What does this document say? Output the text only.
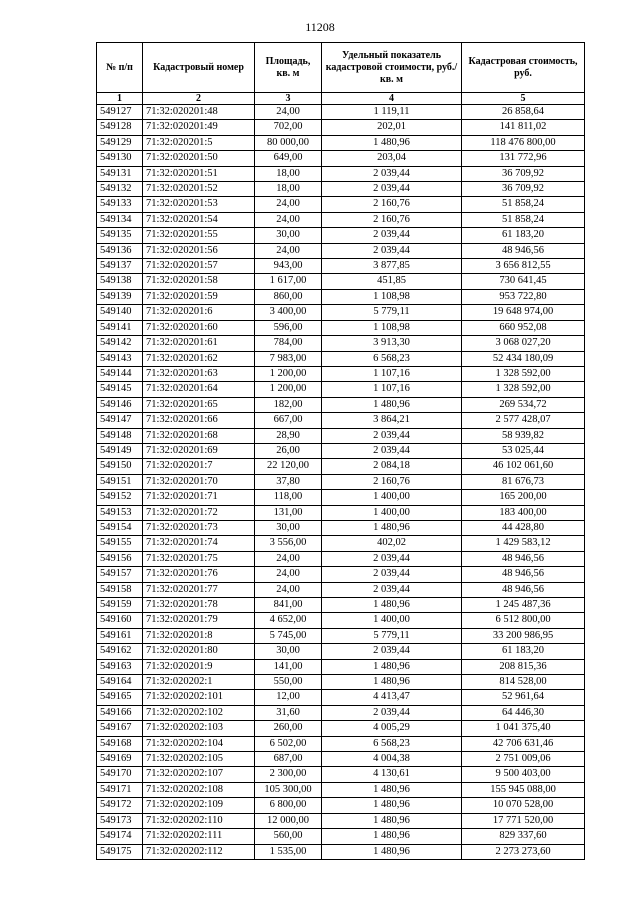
11208
№ п/п	Кадастровый номер	Площадь, кв. м	Удельный показатель кадастровой стоимости, руб./кв. м	Кадастровая стоимость, руб.
1	2	3	4	5
549127	71:32:020201:48	24,00	1 119,11	26 858,64
549128	71:32:020201:49	702,00	202,01	141 811,02
549129	71:32:020201:5	80 000,00	1 480,96	118 476 800,00
549130	71:32:020201:50	649,00	203,04	131 772,96
549131	71:32:020201:51	18,00	2 039,44	36 709,92
549132	71:32:020201:52	18,00	2 039,44	36 709,92
549133	71:32:020201:53	24,00	2 160,76	51 858,24
549134	71:32:020201:54	24,00	2 160,76	51 858,24
549135	71:32:020201:55	30,00	2 039,44	61 183,20
549136	71:32:020201:56	24,00	2 039,44	48 946,56
549137	71:32:020201:57	943,00	3 877,85	3 656 812,55
549138	71:32:020201:58	1 617,00	451,85	730 641,45
549139	71:32:020201:59	860,00	1 108,98	953 722,80
549140	71:32:020201:6	3 400,00	5 779,11	19 648 974,00
549141	71:32:020201:60	596,00	1 108,98	660 952,08
549142	71:32:020201:61	784,00	3 913,30	3 068 027,20
549143	71:32:020201:62	7 983,00	6 568,23	52 434 180,09
549144	71:32:020201:63	1 200,00	1 107,16	1 328 592,00
549145	71:32:020201:64	1 200,00	1 107,16	1 328 592,00
549146	71:32:020201:65	182,00	1 480,96	269 534,72
549147	71:32:020201:66	667,00	3 864,21	2 577 428,07
549148	71:32:020201:68	28,90	2 039,44	58 939,82
549149	71:32:020201:69	26,00	2 039,44	53 025,44
549150	71:32:020201:7	22 120,00	2 084,18	46 102 061,60
549151	71:32:020201:70	37,80	2 160,76	81 676,73
549152	71:32:020201:71	118,00	1 400,00	165 200,00
549153	71:32:020201:72	131,00	1 400,00	183 400,00
549154	71:32:020201:73	30,00	1 480,96	44 428,80
549155	71:32:020201:74	3 556,00	402,02	1 429 583,12
549156	71:32:020201:75	24,00	2 039,44	48 946,56
549157	71:32:020201:76	24,00	2 039,44	48 946,56
549158	71:32:020201:77	24,00	2 039,44	48 946,56
549159	71:32:020201:78	841,00	1 480,96	1 245 487,36
549160	71:32:020201:79	4 652,00	1 400,00	6 512 800,00
549161	71:32:020201:8	5 745,00	5 779,11	33 200 986,95
549162	71:32:020201:80	30,00	2 039,44	61 183,20
549163	71:32:020201:9	141,00	1 480,96	208 815,36
549164	71:32:020202:1	550,00	1 480,96	814 528,00
549165	71:32:020202:101	12,00	4 413,47	52 961,64
549166	71:32:020202:102	31,60	2 039,44	64 446,30
549167	71:32:020202:103	260,00	4 005,29	1 041 375,40
549168	71:32:020202:104	6 502,00	6 568,23	42 706 631,46
549169	71:32:020202:105	687,00	4 004,38	2 751 009,06
549170	71:32:020202:107	2 300,00	4 130,61	9 500 403,00
549171	71:32:020202:108	105 300,00	1 480,96	155 945 088,00
549172	71:32:020202:109	6 800,00	1 480,96	10 070 528,00
549173	71:32:020202:110	12 000,00	1 480,96	17 771 520,00
549174	71:32:020202:111	560,00	1 480,96	829 337,60
549175	71:32:020202:112	1 535,00	1 480,96	2 273 273,60
